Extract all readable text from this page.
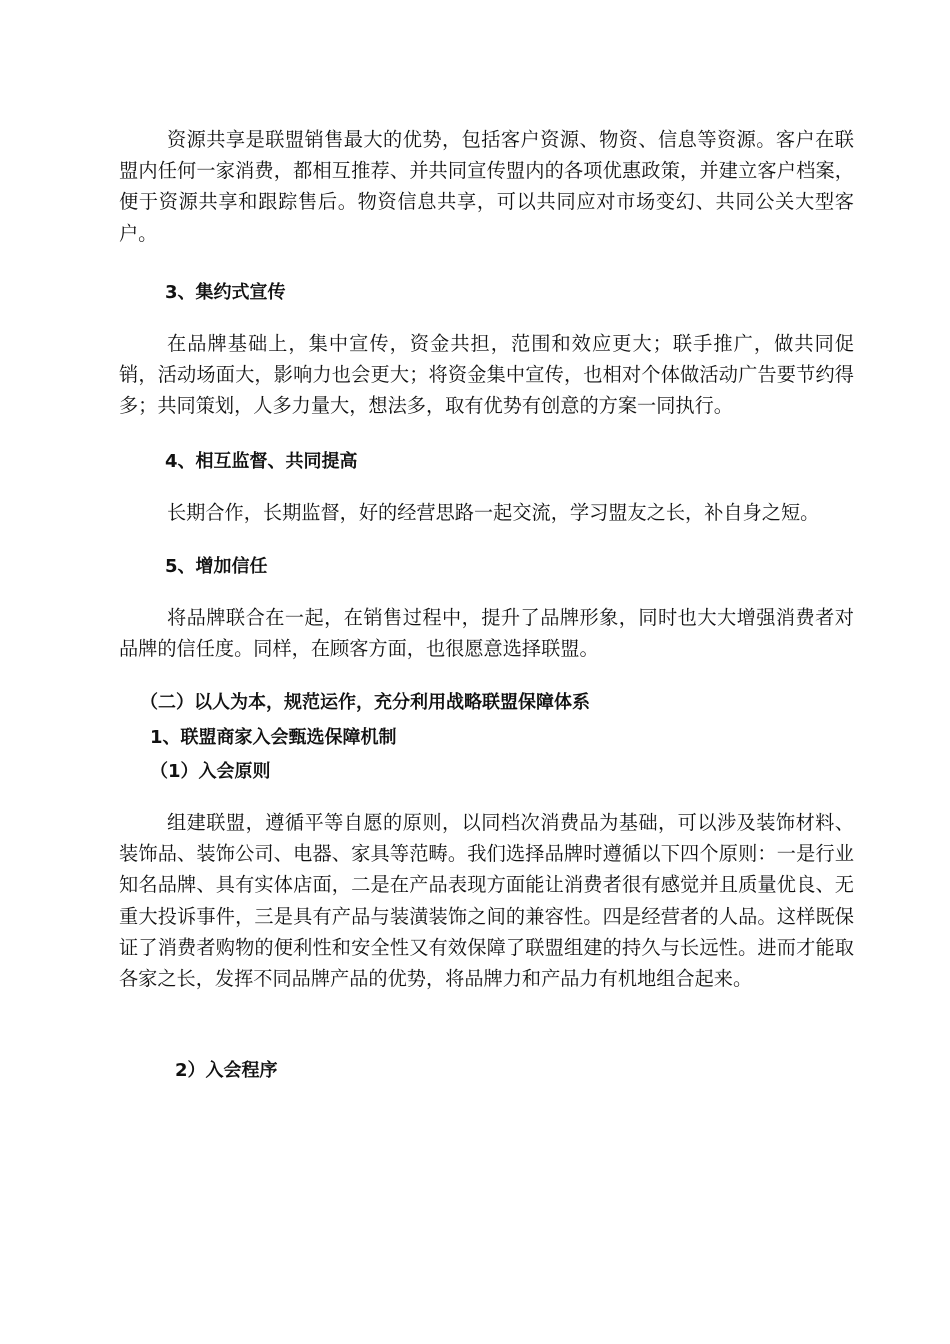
资源共享是联盟销售最大的优势，包括客户资源、物资、信息等资源。客户在联盟内任何一家消费，都相互推荐、并共同宣传盟内的各项优惠政策，并建立客户档案，便于资源共享和跟踪售后。物资信息共享，可以共同应对市场变幻、共同公关大型客户。

3、集约式宣传

在品牌基础上，集中宣传，资金共担，范围和效应更大；联手推广，做共同促销，活动场面大，影响力也会更大；将资金集中宣传，也相对个体做活动广告要节约得多；共同策划，人多力量大，想法多，取有优势有创意的方案一同执行。

4、相互监督、共同提高

长期合作，长期监督，好的经营思路一起交流，学习盟友之长，补自身之短。

5、增加信任

将品牌联合在一起，在销售过程中，提升了品牌形象，同时也大大增强消费者对品牌的信任度。同样，在顾客方面，也很愿意选择联盟。

（二）以人为本，规范运作，充分利用战略联盟保障体系
1、联盟商家入会甄选保障机制
（1）入会原则

组建联盟，遵循平等自愿的原则，以同档次消费品为基础，可以涉及装饰材料、装饰品、装饰公司、电器、家具等范畴。我们选择品牌时遵循以下四个原则：一是行业知名品牌、具有实体店面，二是在产品表现方面能让消费者很有感觉并且质量优良、无重大投诉事件，三是具有产品与装潢装饰之间的兼容性。四是经营者的人品。这样既保证了消费者购物的便利性和安全性又有效保障了联盟组建的持久与长远性。进而才能取各家之长，发挥不同品牌产品的优势，将品牌力和产品力有机地组合起来。

2）入会程序
